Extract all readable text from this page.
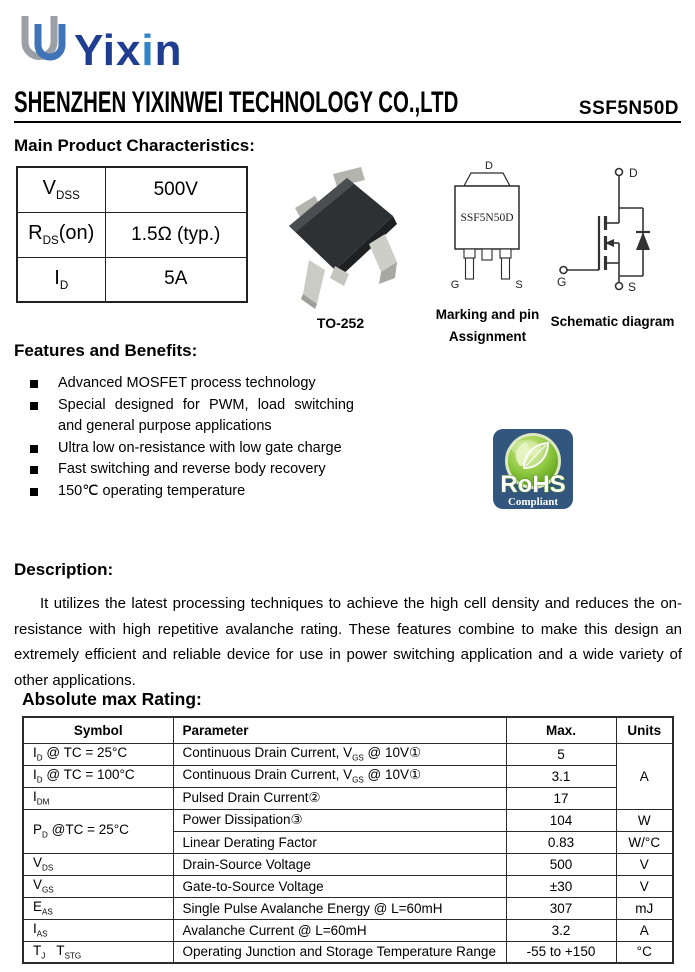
Yixin
SHENZHEN YIXINWEI TECHNOLOGY CO.,LTD	SSF5N50D
Main Product Characteristics:
$V_{DSS}$	500V
$R_{DS}(on)$	1.5Ω (typ.)
$I_D$	5A
TO-252
D
SSF5N50D
G	S
Marking and pin
Assignment
D
G	S
Schematic diagram
Features and Benefits:
Advanced MOSFET process technology
Special designed for PWM, load switching and general purpose applications
Ultra low on-resistance with low gate charge
Fast switching and reverse body recovery
150℃ operating temperature	RoHS
Compliant
Description:

It utilizes the latest processing techniques to achieve the high cell density and reduces the on-resistance with high repetitive avalanche rating. These features combine to make this design an extremely efficient and reliable device for use in power switching application and a wide variety of other applications.

Absolute max Rating:
Symbol	Parameter	Max.	Units
$I_D$ @ TC = 25°C	Continuous Drain Current, $V_{GS}$ @ 10V①	5	A
$I_D$ @ TC = 100°C	Continuous Drain Current, $V_{GS}$ @ 10V①	3.1	
$I_{DM}$	Pulsed Drain Current②	17	
$P_D$ @TC = 25°C	Power Dissipation③	104	W
	Linear Derating Factor	0.83	W/°C
$V_{DS}$	Drain-Source Voltage	500	V
$V_{GS}$	Gate-to-Source Voltage	±30	V
$E_{AS}$	Single Pulse Avalanche Energy @ L=60mH	307	mJ
$I_{AS}$	Avalanche Current @ L=60mH	3.2	A
$T_J$   $T_{STG}$	Operating Junction and Storage Temperature Range	-55 to +150	°C
